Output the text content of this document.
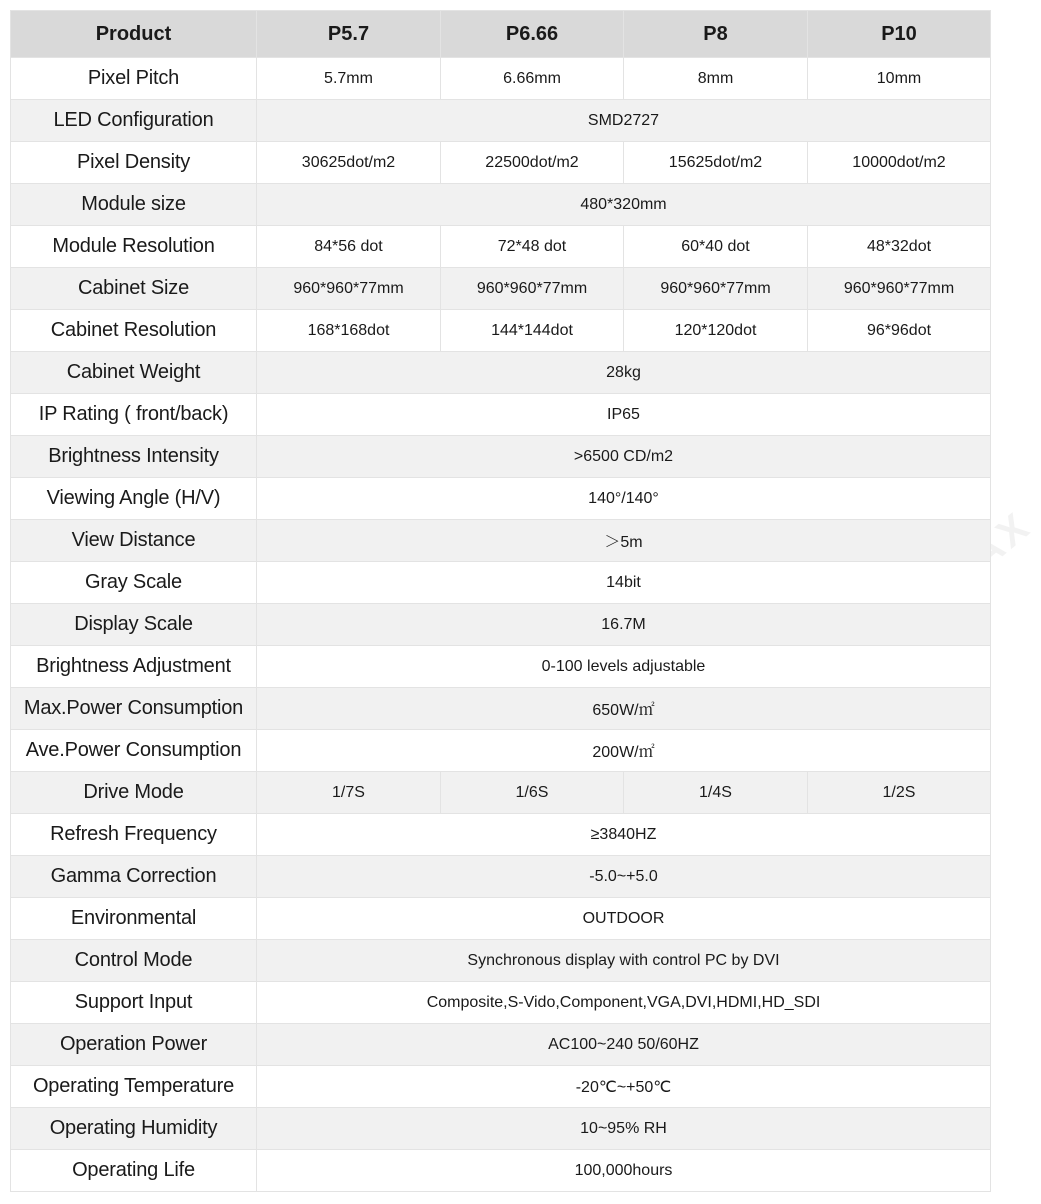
Product	P5.7	P6.66	P8	P10
Pixel Pitch	5.7mm	6.66mm	8mm	10mm
LED Configuration	SMD2727			
Pixel Density	30625dot/m2	22500dot/m2	15625dot/m2	10000dot/m2
Module size	480*320mm			
Module Resolution	84*56 dot	72*48 dot	60*40 dot	48*32dot
Cabinet Size	960*960*77mm	960*960*77mm	960*960*77mm	960*960*77mm
Cabinet Resolution	168*168dot	144*144dot	120*120dot	96*96dot
Cabinet Weight	28kg			
IP Rating ( front/back)	IP65			
Brightness Intensity	>6500 CD/m2			
Viewing Angle (H/V)	140°/140°			
View Distance	＞5m			
Gray Scale	14bit			
Display Scale	16.7M			
Brightness Adjustment	0-100 levels adjustable			
Max.Power Consumption	650W/㎡			
Ave.Power Consumption	200W/㎡			
Drive Mode	1/7S	1/6S	1/4S	1/2S
Refresh Frequency	≥3840HZ			
Gamma Correction	-5.0~+5.0			
Environmental	OUTDOOR			
Control Mode	Synchronous display with control PC by DVI			
Support Input	Composite,S-Vido,Component,VGA,DVI,HDMI,HD_SDI			
Operation Power	AC100~240 50/60HZ			
Operating Temperature	-20℃~+50℃			
Operating Humidity	10~95% RH			
Operating Life	100,000hours			
